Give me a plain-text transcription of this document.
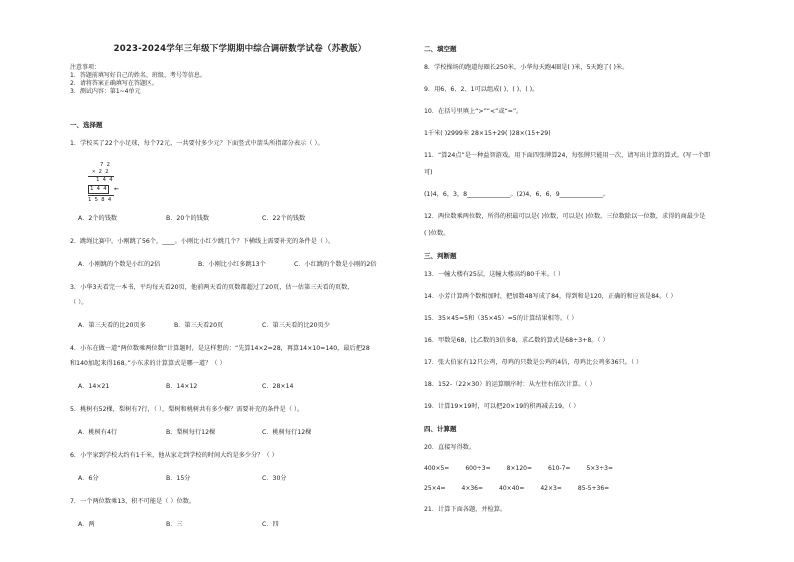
2023-2024学年三年级下学期期中综合调研数学试卷（苏教版）
注意事项：
1．答题前填写好自己的姓名、班级、考号等信息。
2．请将答案正确填写在答题区。
3．测试内容：第1~4单元
一、选择题
1．学校买了22个小足球，每个72元，一共要付多少元？下面竖式中箭头所指部分表示（ ）。
7 2
× 2 2
1 4 4
1 4 4 ←
1 5 8 4
A．2个的钱数	B．20个的钱数	C．22个的钱数
2．跳绳比赛中，小刚跳了56个，____。小刚比小红少跳几个？下横线上需要补充的条件是（ ）。
A．小刚跳的个数是小红的2倍	B．小刚比小红多跳13个	C．小红跳的个数是小刚的2倍
3．小华3天看完一本书，平均每天看20页，他前两天看的页数都超过了20页，估一估第三天看的页数，
（ ）。
A．第三天看的比20页多	B．第三天看20页	C．第三天看的比20页少
4．小东在做一道“两位数乘两位数”计算题时，是这样想的：“先算14×2=28，再算14×10=140，最后把28
和140加起来得168。”小东求的计算算式是哪一道？（ ）
A．14×21	B．14×12	C．28×14
5．桃树有52棵，梨树有7行，（ ），梨树和桃树共有多少棵？需要补充的条件是（ ）。
A．桃树有4行	B．梨树每行12棵	C．桃树每行12棵
6．小宇家到学校大约有1千米，他从家走到学校的时间大约是多少分？（ ）
A．6分	B．15分	C．30分
7．一个两位数乘13，积不可能是（ ）位数。
A．两	B．三	C．四
二、填空题
8．学校操场的跑道每圈长250米，小华每天跑4圈是( )米，5天跑了( )米。
9．用6、6、2、1可以组成( )、( )、( )。
10．在括号里填上“>”“<”或“=”。
1千米( )2999米 28×15+29( )28×(15+29)
11．“算24点”是一种益智游戏。用下面四张牌算24，每张牌只能用一次，请写出计算的算式。(写一个即
可)
(1)4，6，3，8______________。(2)4，6，6，9______________。
12．两位数乘两位数，所得的积最可以是( )位数，可以是( )位数。三位数除以一位数，求得的商最少是
( )位数。
三、判断题
13．一幢大楼有25层，这幢大楼高约80千米。（ ）
14．小芳计算两个数相加时，把加数48写成了84，得到和是120，正确的和应该是84。（ ）
15．35×45=5和（35×45）=5的计算结果相等。（ ）
16．甲数是68，比乙数的3倍多8，求乙数的算式是68÷3+8。（ ）
17．张大伯家有12只公鸡，母鸡的只数是公鸡的4倍，母鸡比公鸡多36只。（ ）
18．152-（22×30）的运算顺序时：从左往右依次计算。（ ）
19．计算19×19时，可以把20×19的积再减去19。（ ）
四、计算题
20．直接写得数。
400×5=	600÷3=	8×120=	610-7=	5×3÷3=
25×4=	4×36=	40×40=	42×3=	85-5+36=
21．计算下面各题，并检算。
